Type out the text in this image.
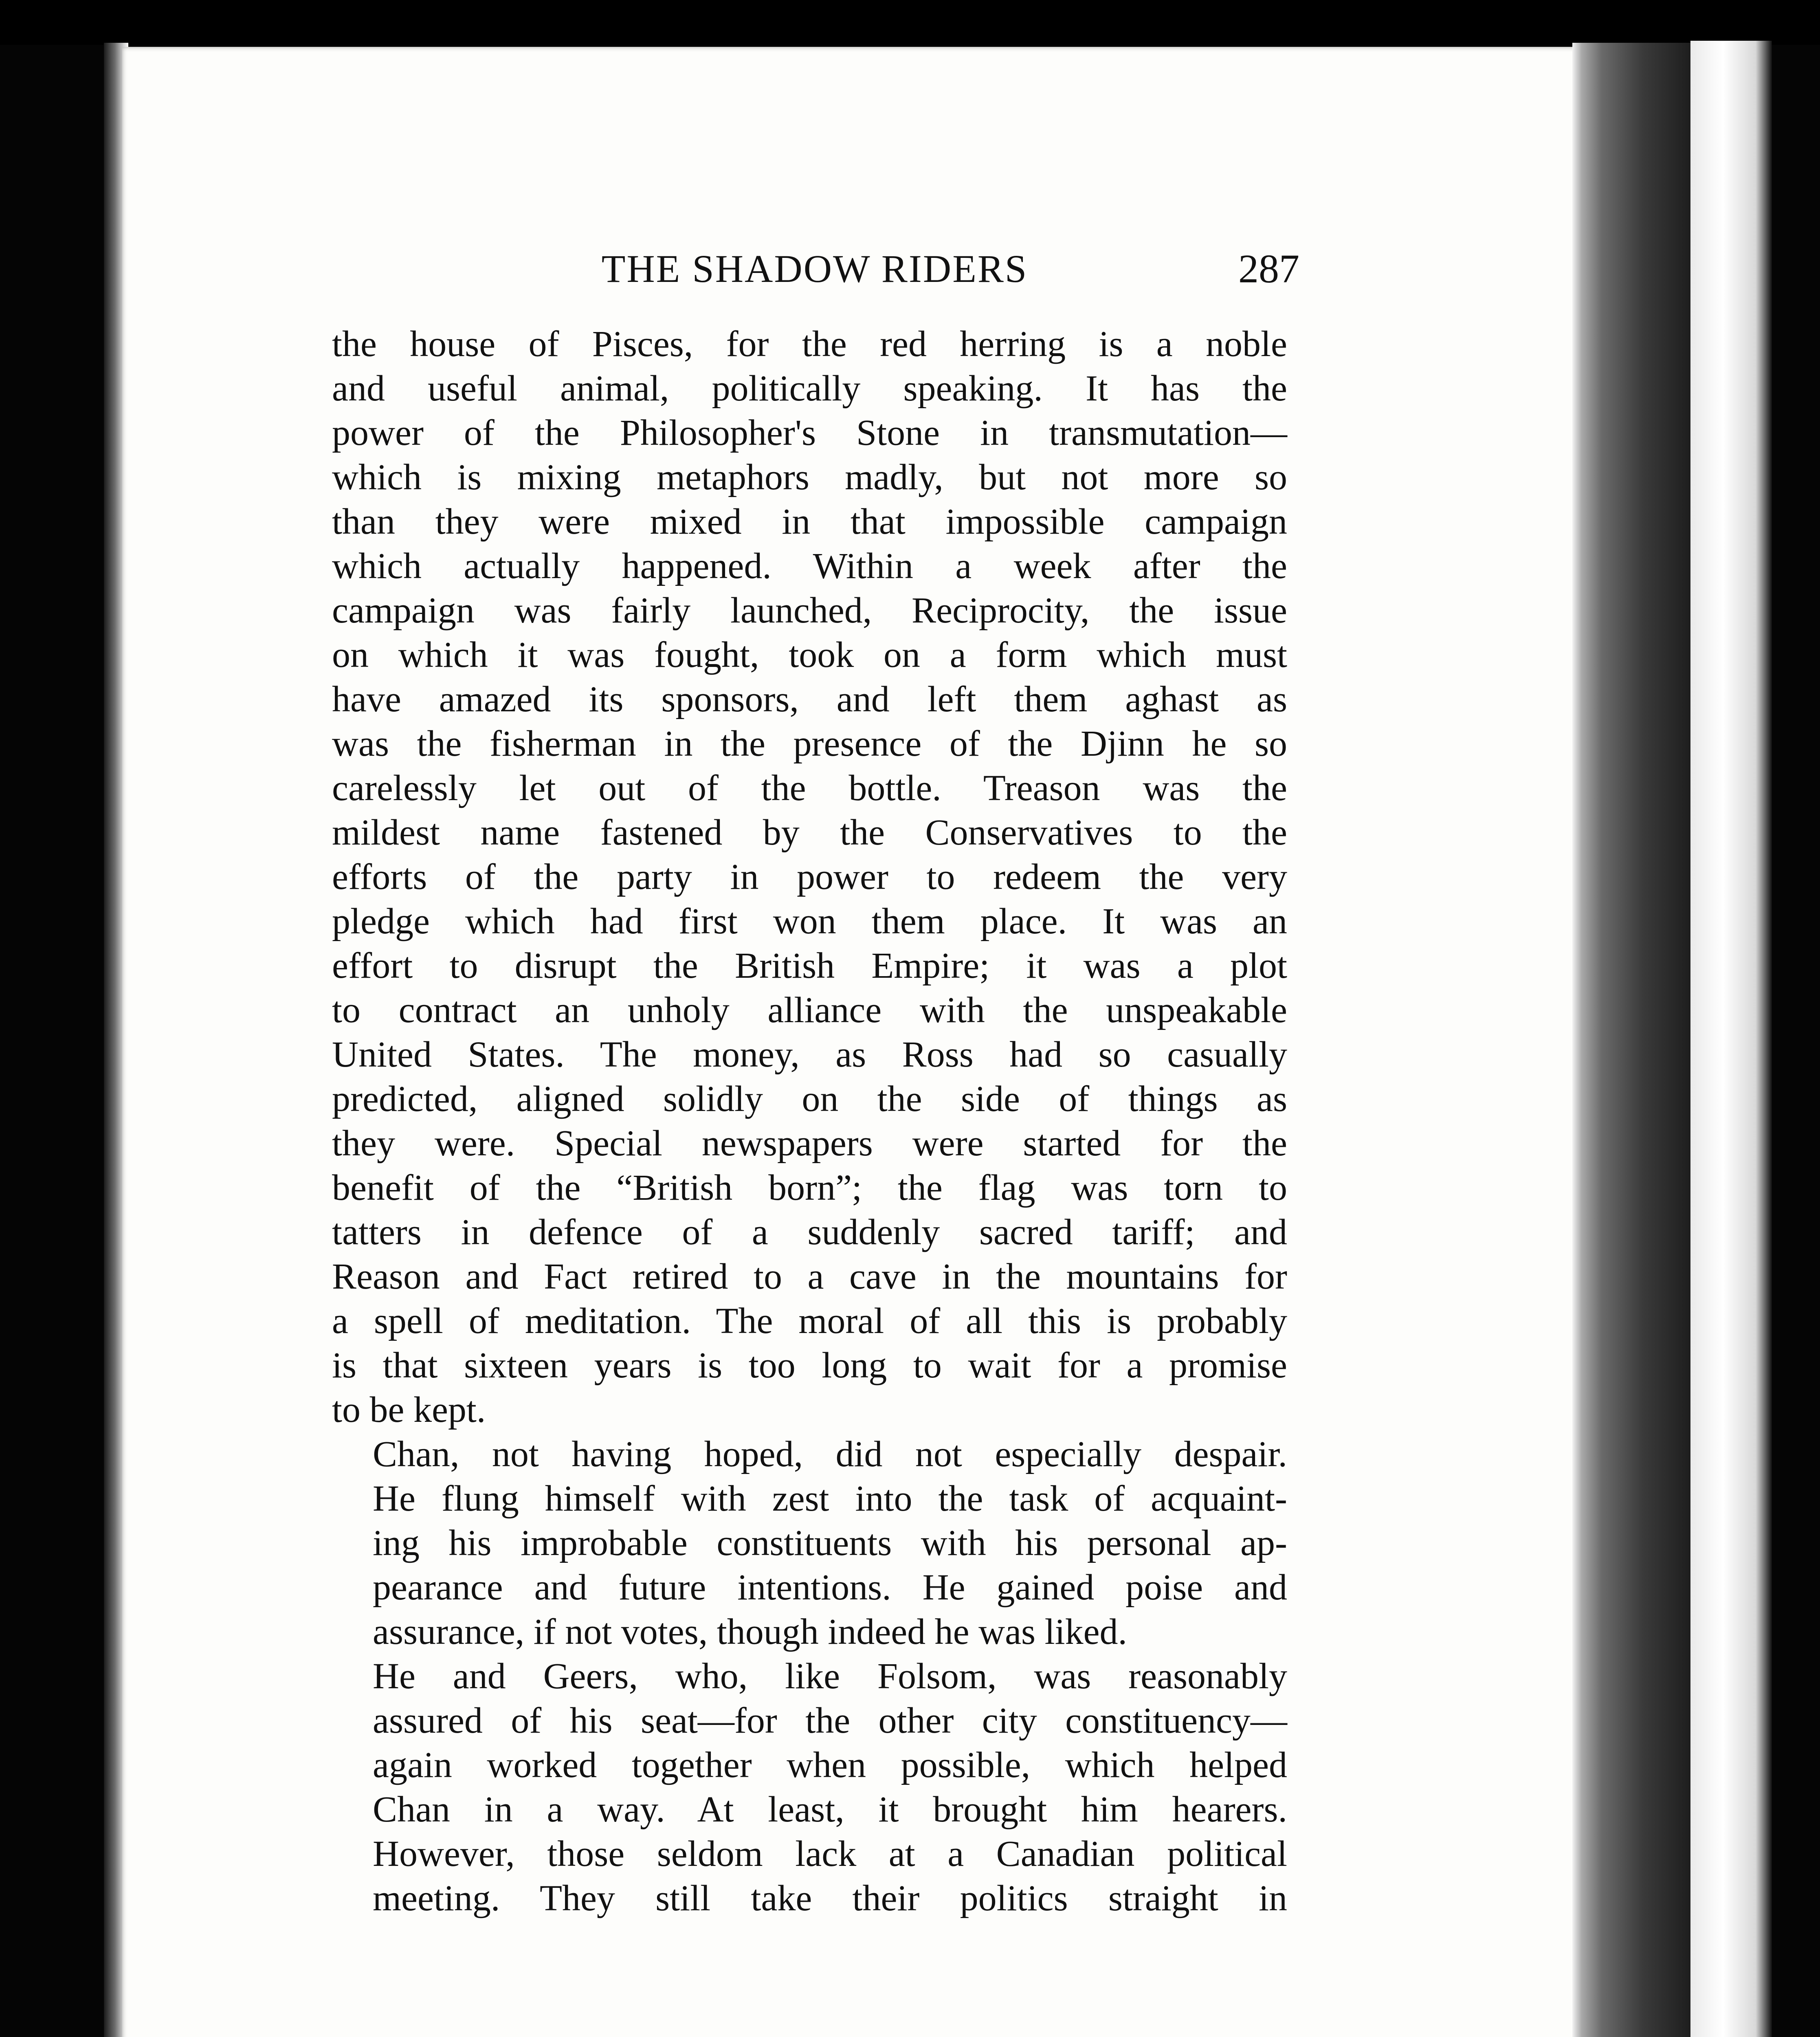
THE SHADOW RIDERS	287

the house of Pisces, for the red herring is a noble
and useful animal, politically speaking. It has the
power of the Philosopher's Stone in transmutation—
which is mixing metaphors madly, but not more so
than they were mixed in that impossible campaign
which actually happened. Within a week after the
campaign was fairly launched, Reciprocity, the issue
on which it was fought, took on a form which must
have amazed its sponsors, and left them aghast as
was the fisherman in the presence of the Djinn he so
carelessly let out of the bottle. Treason was the
mildest name fastened by the Conservatives to the
efforts of the party in power to redeem the very
pledge which had first won them place. It was an
effort to disrupt the British Empire; it was a plot
to contract an unholy alliance with the unspeakable
United States. The money, as Ross had so casually
predicted, aligned solidly on the side of things as
they were. Special newspapers were started for the
benefit of the “British born”; the flag was torn to
tatters in defence of a suddenly sacred tariff; and
Reason and Fact retired to a cave in the mountains for
a spell of meditation. The moral of all this is probably
is that sixteen years is too long to wait for a promise
to be kept.

Chan, not having hoped, did not especially despair.
He flung himself with zest into the task of acquaint-
ing his improbable constituents with his personal ap-
pearance and future intentions. He gained poise and
assurance, if not votes, though indeed he was liked.

He and Geers, who, like Folsom, was reasonably
assured of his seat—for the other city constituency—
again worked together when possible, which helped
Chan in a way. At least, it brought him hearers.
However, those seldom lack at a Canadian political
meeting. They still take their politics straight in
